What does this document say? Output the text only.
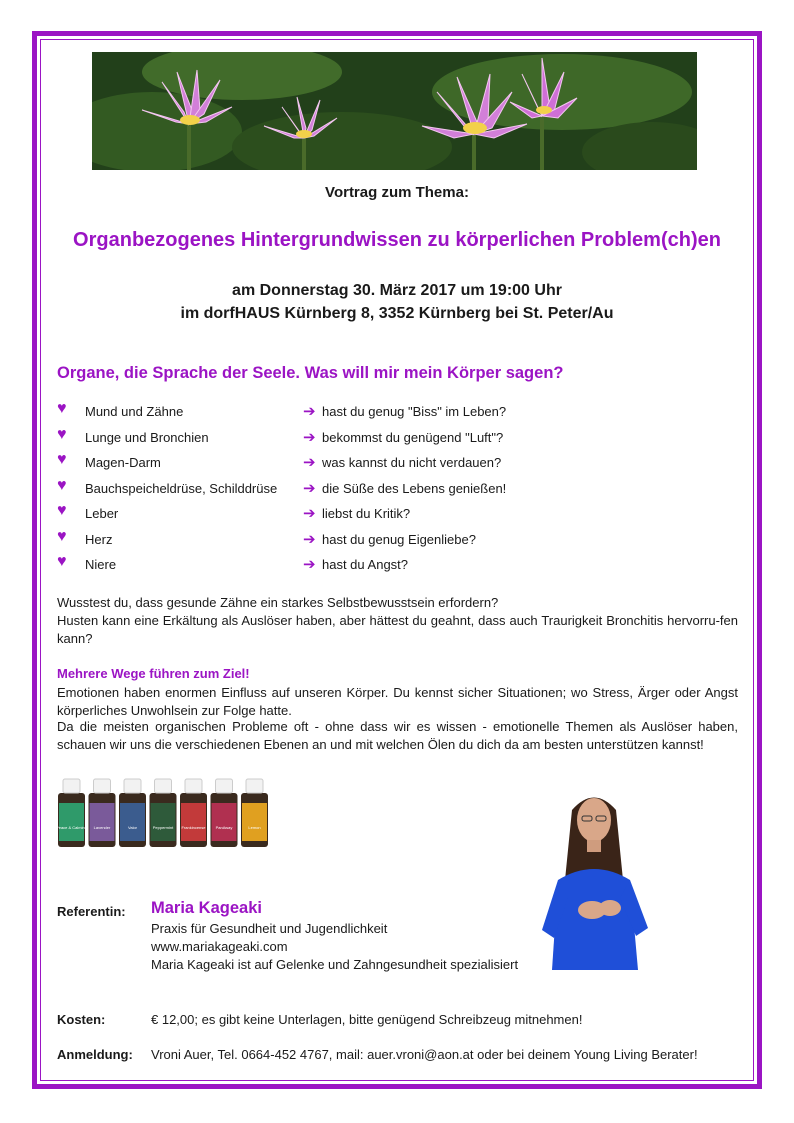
Vortrag zum Thema:
Organbezogenes Hintergrundwissen zu körperlichen Problem(ch)en
am Donnerstag 30. März 2017 um 19:00 Uhr
im dorfHAUS Kürnberg 8, 3352 Kürnberg bei St. Peter/Au
Organe, die Sprache der Seele. Was will mir mein Körper sagen?
♥ Mund und Zähne	➔ hast du genug "Biss" im Leben?
♥ Lunge und Bronchien	➔ bekommst du genügend "Luft"?
♥ Magen-Darm	➔ was kannst du nicht verdauen?
♥ Bauchspeicheldrüse, Schilddrüse ➔ die Süße des Lebens genießen!
♥ Leber	➔ liebst du Kritik?
♥ Herz	➔ hast du genug Eigenliebe?
♥ Niere	➔ hast du Angst?
Wusstest du, dass gesunde Zähne ein starkes Selbstbewusstsein erfordern?
Husten kann eine Erkältung als Auslöser haben, aber hättest du geahnt, dass auch Traurigkeit Bronchitis hervorru-fen kann?
Mehrere Wege führen zum Ziel!
Emotionen haben enormen Einfluss auf unseren Körper. Du kennst sicher Situationen; wo Stress, Ärger oder Angst körperliches Unwohlsein zur Folge hatte.
Da die meisten organischen Probleme oft - ohne dass wir es wissen - emotionelle Themen als Auslöser haben, schauen wir uns die verschiedenen Ebenen an und mit welchen Ölen du dich da am besten unterstützen kannst!
Peace & Calming Lavender	Valor	Peppermint Frankincense	PanAway	Lemon
Referentin: Maria Kageaki
Praxis für Gesundheit und Jugendlichkeit
www.mariakageaki.com
Maria Kageaki ist auf Gelenke und Zahngesundheit spezialisiert
Kosten:	€ 12,00; es gibt keine Unterlagen, bitte genügend Schreibzeug mitnehmen!
Anmeldung: Vroni Auer, Tel. 0664-452 4767, mail: auer.vroni@aon.at oder bei deinem Young Living Berater!
